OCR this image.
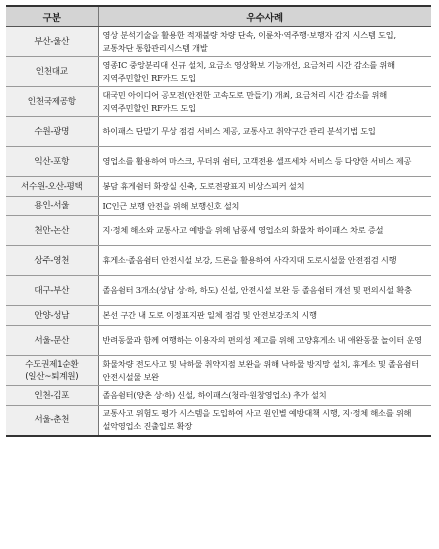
구분	우수사례
부산-울산	영상 분석기술을 활용한 적재불량 차량 단속, 이륜차·역주행·보행자 감지 시스템 도입, 교통차단 통합관리시스템 개발
인천대교	영종IC 중앙분리대 신규 설치, 요금소 영상확보 기능개선, 요금처리 시간 감소를 위해 지역주민할인 RF카드 도입
인천국제공항	대국민 아이디어 공모전(안전한 고속도로 만들기) 개최, 요금처리 시간 감소를 위해 지역주민할인 RF카드 도입
수원-광명	하이패스 단말기 무상 점검 서비스 제공, 교통사고 취약구간 관리 분석기법 도입
익산-포항	영업소를 활용하여 마스크, 무더위 쉼터, 고객전용 셀프세차 서비스 등 다양한 서비스 제공
서수원-오산-평택	봉담 휴게쉼터 화장실 신축, 도로전광표지 비상스피커 설치
용인-서울	IC인근 보행 안전을 위해 보행신호 설치
천안-논산	지·정체 해소와 교통사고 예방을 위해 남풍세 영업소의 화물차 하이패스 차로 증설
상주-영천	휴게소·졸음쉼터 안전시설 보강, 드론을 활용하여 사각지대 도로시설물 안전점검 시행
대구-부산	졸음쉼터 3개소(상남 상·하, 하도) 신설, 안전시설 보완 등 졸음쉼터 개선 및 편의시설 확충
안양-성남	본선 구간 내 도로 이정표지판 일체 점검 및 안전보강조치 시행
서울-문산	반려동물과 함께 여행하는 이용자의 편의성 제고를 위해 고양휴게소 내 애완동물 놀이터 운영
수도권제1순환
(일산~퇴계원)	화물차량 전도사고 및 낙하물 취약지점 보완을 위해 낙하물 방지망 설치, 휴게소 및 졸음쉼터 안전시설물 보완
인천-김포	졸음쉼터(양촌 상·하) 신설, 하이패스(청라·원창영업소) 추가 설치
서울-춘천	교통사고 위험도 평가 시스템을 도입하여 사고 원인별 예방대책 시행, 지·정체 해소를 위해 설악영업소 진출입로 확장
